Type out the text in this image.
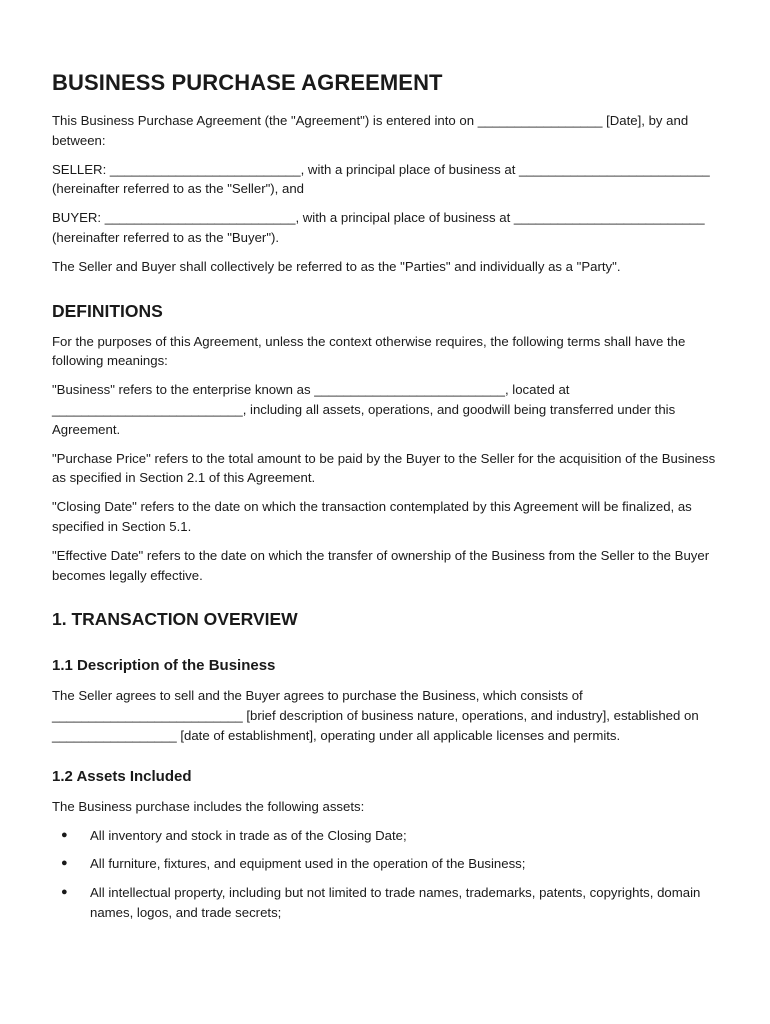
BUSINESS PURCHASE AGREEMENT

This Business Purchase Agreement (the "Agreement") is entered into on _________________ [Date], by and between:

SELLER: __________________________, with a principal place of business at __________________________ (hereinafter referred to as the "Seller"), and

BUYER: __________________________, with a principal place of business at __________________________ (hereinafter referred to as the "Buyer").

The Seller and Buyer shall collectively be referred to as the "Parties" and individually as a "Party".

DEFINITIONS

For the purposes of this Agreement, unless the context otherwise requires, the following terms shall have the following meanings:

"Business" refers to the enterprise known as __________________________, located at __________________________, including all assets, operations, and goodwill being transferred under this Agreement.

"Purchase Price" refers to the total amount to be paid by the Buyer to the Seller for the acquisition of the Business as specified in Section 2.1 of this Agreement.

"Closing Date" refers to the date on which the transaction contemplated by this Agreement will be finalized, as specified in Section 5.1.

"Effective Date" refers to the date on which the transfer of ownership of the Business from the Seller to the Buyer becomes legally effective.

1. TRANSACTION OVERVIEW
1.1 Description of the Business

The Seller agrees to sell and the Buyer agrees to purchase the Business, which consists of __________________________ [brief description of business nature, operations, and industry], established on _________________ [date of establishment], operating under all applicable licenses and permits.

1.2 Assets Included

The Business purchase includes the following assets:

● All inventory and stock in trade as of the Closing Date;
● All furniture, fixtures, and equipment used in the operation of the Business;
● All intellectual property, including but not limited to trade names, trademarks, patents, copyrights, domain names, logos, and trade secrets;
